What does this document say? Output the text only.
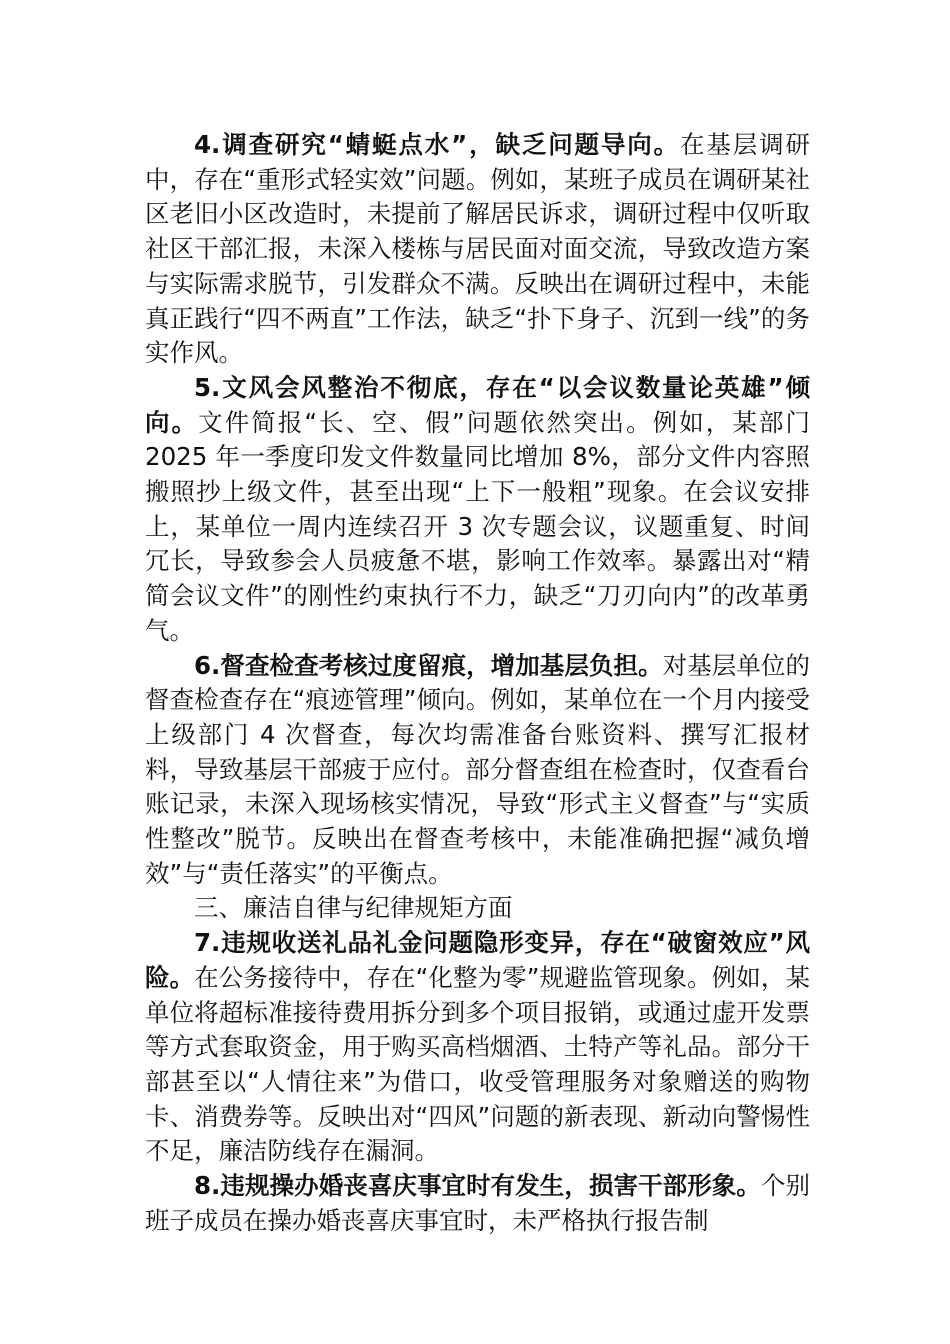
4.调查研究“蜻蜓点水”，缺乏问题导向。在基层调研中，存在“重形式轻实效”问题。例如，某班子成员在调研某社区老旧小区改造时，未提前了解居民诉求，调研过程中仅听取社区干部汇报，未深入楼栋与居民面对面交流，导致改造方案与实际需求脱节，引发群众不满。反映出在调研过程中，未能真正践行“四不两直”工作法，缺乏“扑下身子、沉到一线”的务实作风。

5.文风会风整治不彻底，存在“以会议数量论英雄”倾向。文件简报“长、空、假”问题依然突出。例如，某部门 2025 年一季度印发文件数量同比增加 8%，部分文件内容照搬照抄上级文件，甚至出现“上下一般粗”现象。在会议安排上，某单位一周内连续召开 3 次专题会议，议题重复、时间冗长，导致参会人员疲惫不堪，影响工作效率。暴露出对“精简会议文件”的刚性约束执行不力，缺乏“刀刃向内”的改革勇气。

6.督查检查考核过度留痕，增加基层负担。对基层单位的督查检查存在“痕迹管理”倾向。例如，某单位在一个月内接受上级部门 4 次督查，每次均需准备台账资料、撰写汇报材料，导致基层干部疲于应付。部分督查组在检查时，仅查看台账记录，未深入现场核实情况，导致“形式主义督查”与“实质性整改”脱节。反映出在督查考核中，未能准确把握“减负增效”与“责任落实”的平衡点。

三、廉洁自律与纪律规矩方面

7.违规收送礼品礼金问题隐形变异，存在“破窗效应”风险。在公务接待中，存在“化整为零”规避监管现象。例如，某单位将超标准接待费用拆分到多个项目报销，或通过虚开发票等方式套取资金，用于购买高档烟酒、土特产等礼品。部分干部甚至以“人情往来”为借口，收受管理服务对象赠送的购物卡、消费券等。反映出对“四风”问题的新表现、新动向警惕性不足，廉洁防线存在漏洞。

8.违规操办婚丧喜庆事宜时有发生，损害干部形象。个别班子成员在操办婚丧喜庆事宜时，未严格执行报告制
